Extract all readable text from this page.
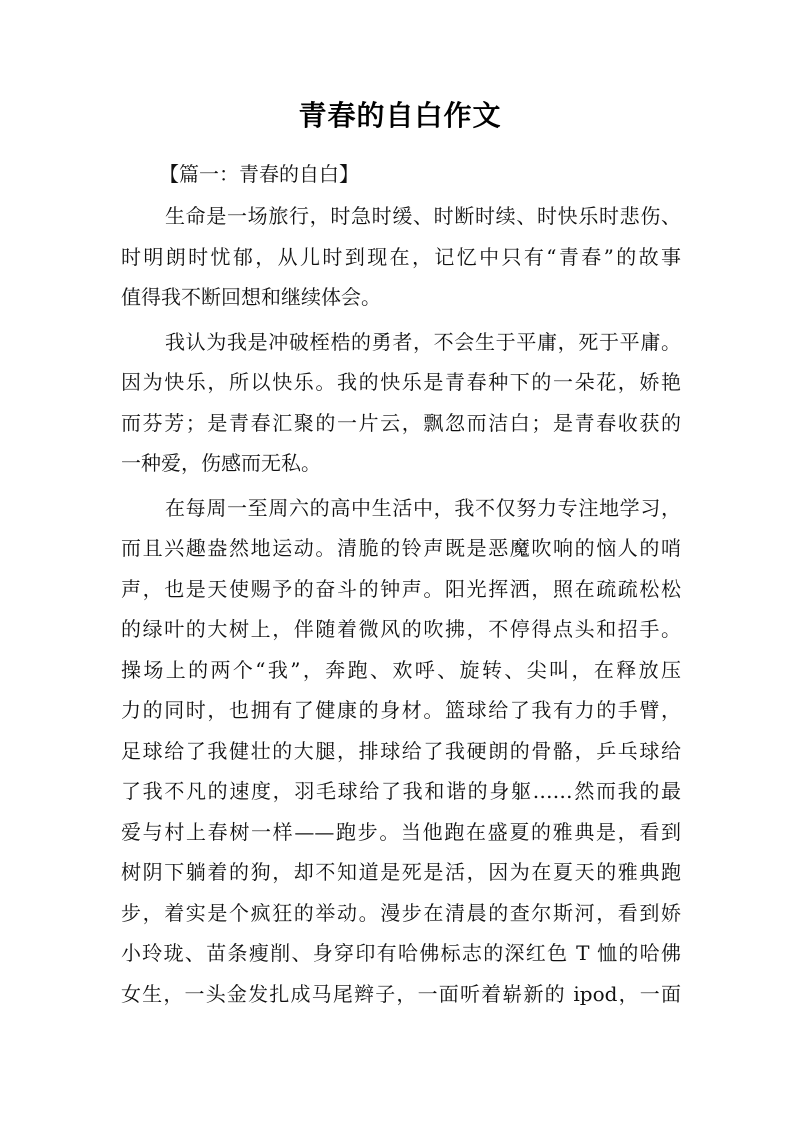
青春的自白作文

【篇一：青春的自白】

生命是一场旅行，时急时缓、时断时续、时快乐时悲伤、
时明朗时忧郁，从儿时到现在，记忆中只有“青春”的故事
值得我不断回想和继续体会。

我认为我是冲破桎梏的勇者，不会生于平庸，死于平庸。
因为快乐，所以快乐。我的快乐是青春种下的一朵花，娇艳
而芬芳；是青春汇聚的一片云，飘忽而洁白；是青春收获的
一种爱，伤感而无私。

在每周一至周六的高中生活中，我不仅努力专注地学习，
而且兴趣盎然地运动。清脆的铃声既是恶魔吹响的恼人的哨
声，也是天使赐予的奋斗的钟声。阳光挥洒，照在疏疏松松
的绿叶的大树上，伴随着微风的吹拂，不停得点头和招手。
操场上的两个“我”，奔跑、欢呼、旋转、尖叫，在释放压
力的同时，也拥有了健康的身材。篮球给了我有力的手臂，
足球给了我健壮的大腿，排球给了我硬朗的骨骼，乒乓球给
了我不凡的速度，羽毛球给了我和谐的身躯……然而我的最
爱与村上春树一样——跑步。当他跑在盛夏的雅典是，看到
树阴下躺着的狗，却不知道是死是活，因为在夏天的雅典跑
步，着实是个疯狂的举动。漫步在清晨的查尔斯河，看到娇
小玲珑、苗条瘦削、身穿印有哈佛标志的深红色 T 恤的哈佛
女生，一头金发扎成马尾辫子，一面听着崭新的 ipod，一面
